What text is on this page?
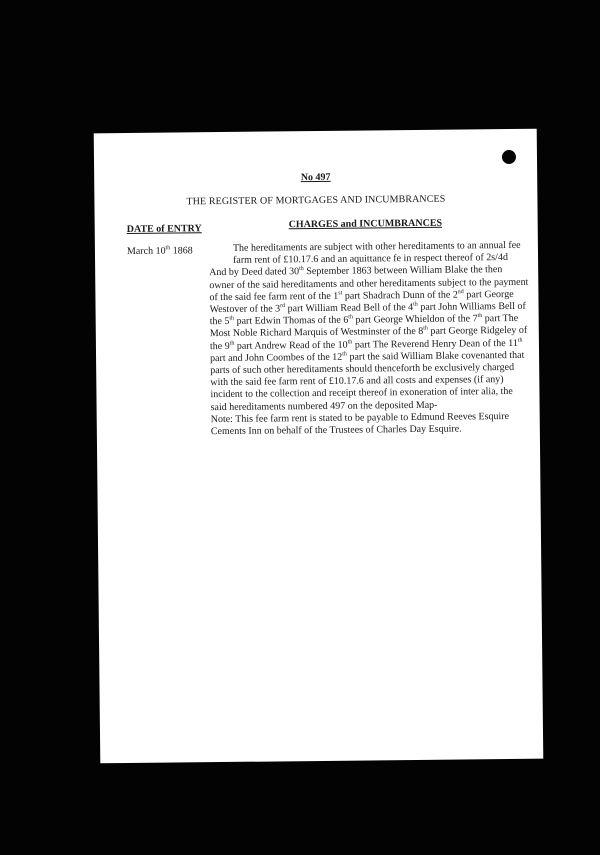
No 497
THE REGISTER OF MORTGAGES AND INCUMBRANCES
DATE of ENTRY	CHARGES and INCUMBRANCES
March 10th 1868	The hereditaments are subject with other hereditaments to an annual fee farm rent of £10.17.6 and an aquittance fe in respect thereof of 2s/4d

And by Deed dated 30th September 1863 between William Blake the then owner of the said hereditaments and other hereditaments subject to the payment of the said fee farm rent of the 1st part Shadrach Dunn of the 2nd part George Westover of the 3rd part William Read Bell of the 4th part John Williams Bell of the 5th part Edwin Thomas of the 6th part George Whieldon of the 7th part The Most Noble Richard Marquis of Westminster of the 8th part George Ridgeley of the 9th part Andrew Read of the 10th part The Reverend Henry Dean of the 11th part and John Coombes of the 12th part the said William Blake covenanted that parts of such other hereditaments should thenceforth be exclusively charged with the said fee farm rent of £10.17.6 and all costs and expenses (if any) incident to the collection and receipt thereof in exoneration of inter alia, the said hereditaments numbered 497 on the deposited Map-

Note: This fee farm rent is stated to be payable to Edmund Reeves Esquire Cements Inn on behalf of the Trustees of Charles Day Esquire.
